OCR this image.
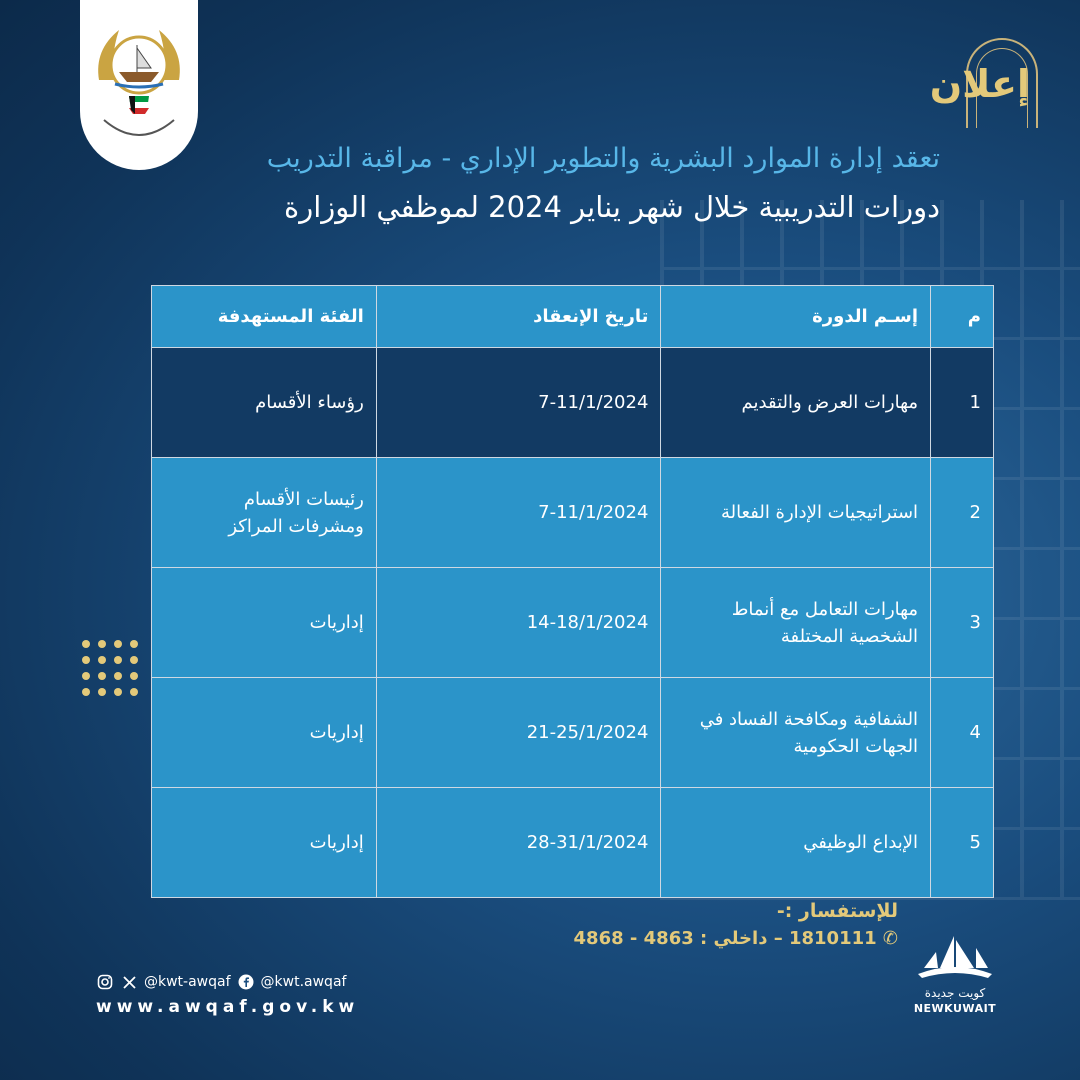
إعلان
تعقد إدارة الموارد البشرية والتطوير الإداري - مراقبة التدريب
دورات التدريبية خلال شهر يناير 2024 لموظفي الوزارة
م	إسـم الدورة	تاريخ الإنعقاد	الفئة المستهدفة
1	مهارات العرض والتقديم	7-11/1/2024	رؤساء الأقسام
2	استراتيجيات الإدارة الفعالة	7-11/1/2024	رئيسات الأقسام ومشرفات المراكز
3	مهارات التعامل مع أنماط الشخصية المختلفة	14-18/1/2024	إداريات
4	الشفافية ومكافحة الفساد في الجهات الحكومية	21-25/1/2024	إداريات
5	الإبداع الوظيفي	28-31/1/2024	إداريات
للإستفسار :-
✆ 1810111 – داخلي : 4863 - 4868
@kwt-awqaf @kwt.awqaf
www.awqaf.gov.kw
كويت جديدة
NEWKUWAIT
